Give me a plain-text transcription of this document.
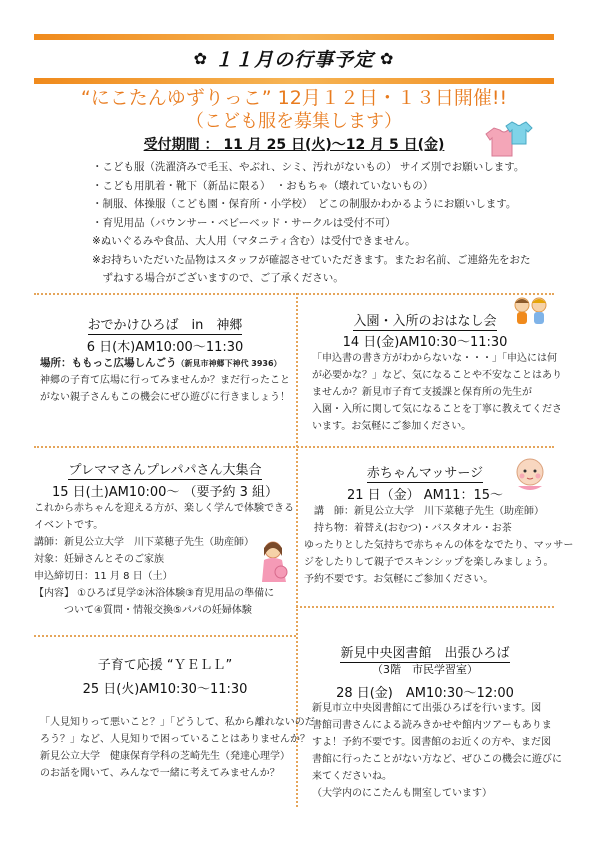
✿ １１月の行事予定 ✿
“にこたんゆずりっこ” 12月１２日・１３日開催!!
（こども服を募集します）
受付期間 ： 11 月 25 日(火)～12 月 5 日(金)
・こども服（洗濯済みで毛玉、やぶれ、シミ、汚れがないもの） サイズ別でお願いします。
・こども用肌着・靴下（新品に限る）　・おもちゃ（壊れていないもの）
・制服、体操服（こども園・保育所・小学校）　どこの制服かわかるようにお願いします。
・育児用品（バウンサー・ベビーベッド・サークルは受付不可）
※ぬいぐるみや食品、大人用（マタニティ含む）は受付できません。
※お持ちいただいた品物はスタッフが確認させていただきます。またお名前、ご連絡先をおた
　ずねする場合がございますので、ご了承ください。
おでかけひろば　in　神郷
6 日(木)AM10:00～11:30
場所：ももっこ広場しんごう（新見市神郷下神代 3936）
神郷の子育て広場に行ってみませんか？まだ行ったこと
がない親子さんもこの機会にぜひ遊びに行きましょう！
入園・入所のおはなし会
14 日(金)AM10:30～11:30
「申込書の書き方がわからないな・・・」「申込には何
が必要かな？」など、気になることや不安なことはあり
ませんか？新見市子育て支援課と保育所の先生が
入園・入所に関して気になることを丁寧に教えてくださ
います。お気軽にご参加ください。
プレママさんプレパパさん大集合
15 日(土)AM10:00～ （要予約 3 組）
これから赤ちゃんを迎える方が、楽しく学んで体験できる
イベントです。
講師：新見公立大学　川下菜穂子先生（助産師）
対象：妊婦さんとそのご家族
申込締切日：11 月 8 日（土）
【内容】 ①ひろば見学②沐浴体験③育児用品の準備に
　　　ついて④質問・情報交換⑤パパの妊婦体験
赤ちゃんマッサージ
21 日（金） AM11：15～
　講　師：新見公立大学　川下菜穂子先生（助産師）
　持ち物：着替え(おむつ)・バスタオル・お茶
ゆったりとした気持ちで赤ちゃんの体をなでたり、マッサー
ジをしたりして親子でスキンシップを楽しみましょう。
予約不要です。お気軽にご参加ください。
子育て応援 “ＹＥＬＬ”
25 日(火)AM10:30～11:30
「人見知りって悪いこと？」「どうして、私から離れないのだ
ろう？」など、人見知りで困っていることはありませんか？
新見公立大学　健康保育学科の芝崎先生（発達心理学）
のお話を聞いて、みんなで一緒に考えてみませんか？
新見中央図書館　出張ひろば
（3階　市民学習室）
28 日(金)　AM10:30～12:00
新見市立中央図書館にて出張ひろばを行います。図
書館司書さんによる読みきかせや館内ツアーもありま
すよ！予約不要です。図書館のお近くの方や、まだ図
書館に行ったことがない方など、ぜひこの機会に遊びに
来てくださいね。
（大学内のにこたんも開室しています）
